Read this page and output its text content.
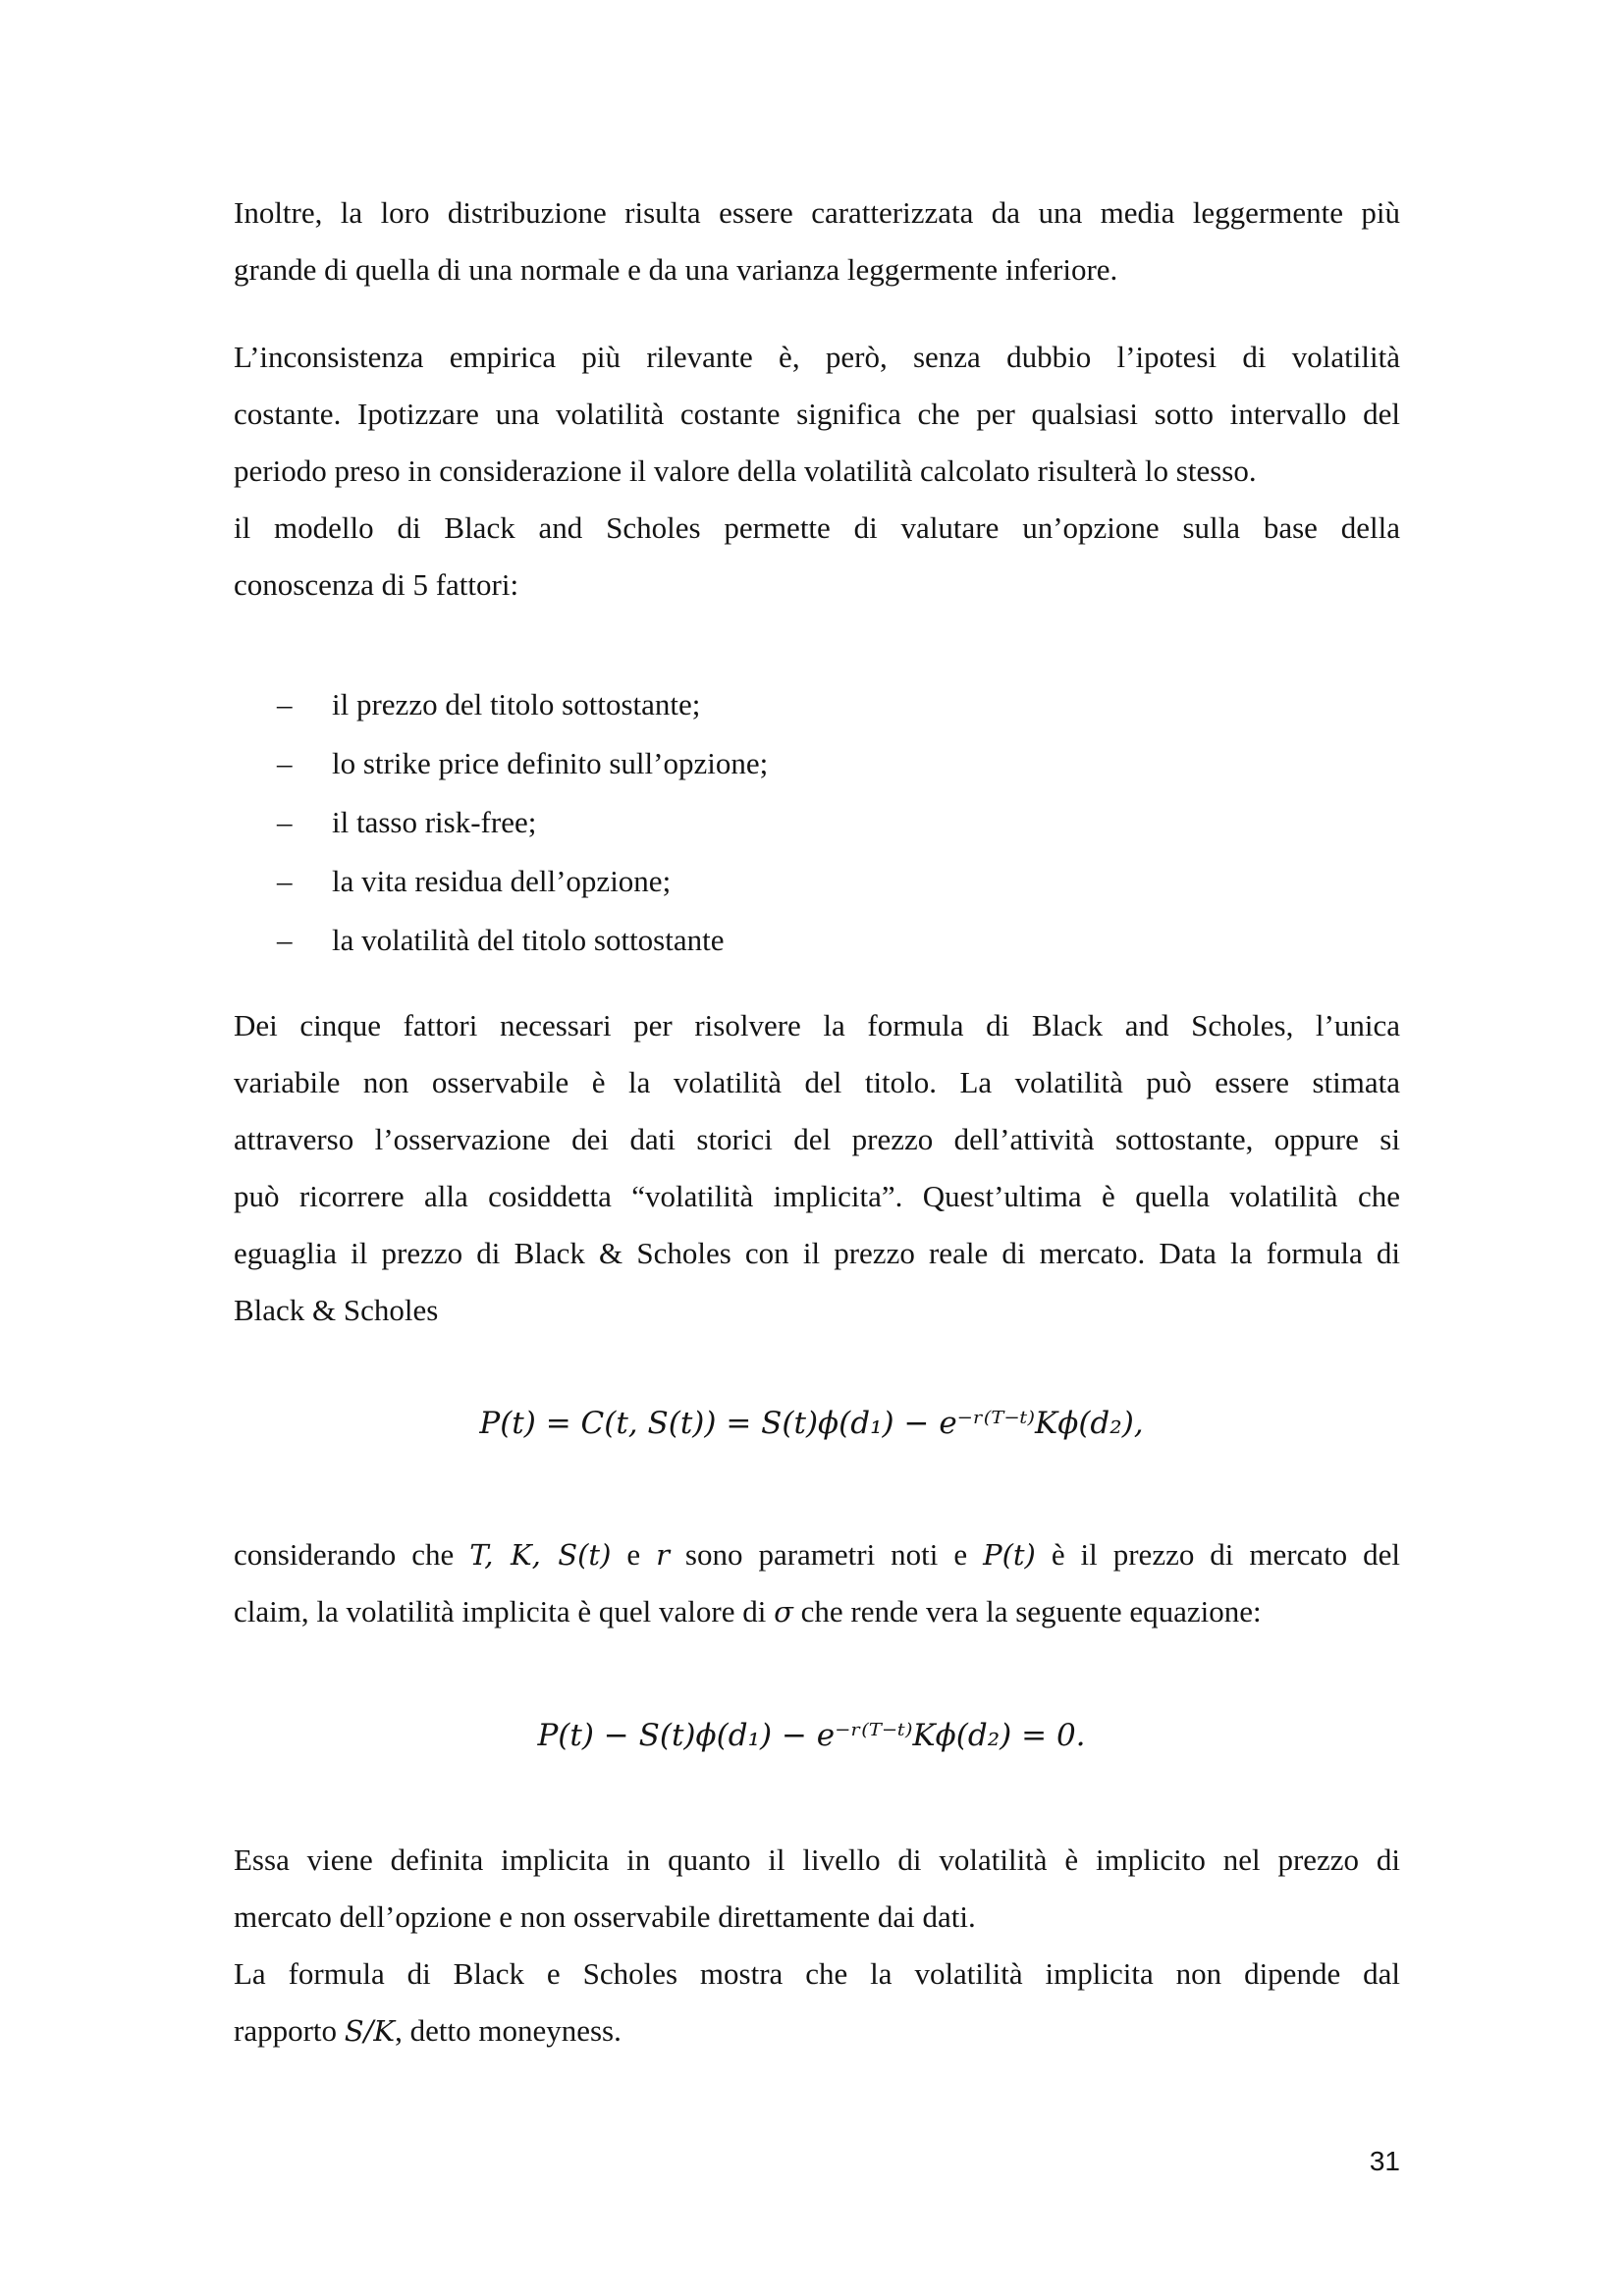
Inoltre, la loro distribuzione risulta essere caratterizzata da una media leggermente più
grande di quella di una normale e da una varianza leggermente inferiore.
L’inconsistenza empirica più rilevante è, però, senza dubbio l’ipotesi di volatilità
costante. Ipotizzare una volatilità costante significa che per qualsiasi sotto intervallo del
periodo preso in considerazione il valore della volatilità calcolato risulterà lo stesso.
il modello di Black and Scholes permette di valutare un’opzione sulla base della
conoscenza di 5 fattori:
– il prezzo del titolo sottostante;
– lo strike price definito sull’opzione;
– il tasso risk-free;
– la vita residua dell’opzione;
– la volatilità del titolo sottostante
Dei cinque fattori necessari per risolvere la formula di Black and Scholes, l’unica
variabile non osservabile è la volatilità del titolo. La volatilità può essere stimata
attraverso l’osservazione dei dati storici del prezzo dell’attività sottostante, oppure si
può ricorrere alla cosiddetta “volatilità implicita”. Quest’ultima è quella volatilità che
eguaglia il prezzo di Black & Scholes con il prezzo reale di mercato. Data la formula di
Black & Scholes
P(t) = C(t, S(t)) = S(t)ϕ(d₁) − e⁻ʳ⁽ᵀ⁻ᵗ⁾Kϕ(d₂),
considerando che T, K, S(t) e r sono parametri noti e P(t) è il prezzo di mercato del
claim, la volatilità implicita è quel valore di σ che rende vera la seguente equazione:
P(t) − S(t)ϕ(d₁) − e⁻ʳ⁽ᵀ⁻ᵗ⁾Kϕ(d₂) = 0.
Essa viene definita implicita in quanto il livello di volatilità è implicito nel prezzo di
mercato dell’opzione e non osservabile direttamente dai dati.
La formula di Black e Scholes mostra che la volatilità implicita non dipende dal
rapporto S/K, detto moneyness.
31
